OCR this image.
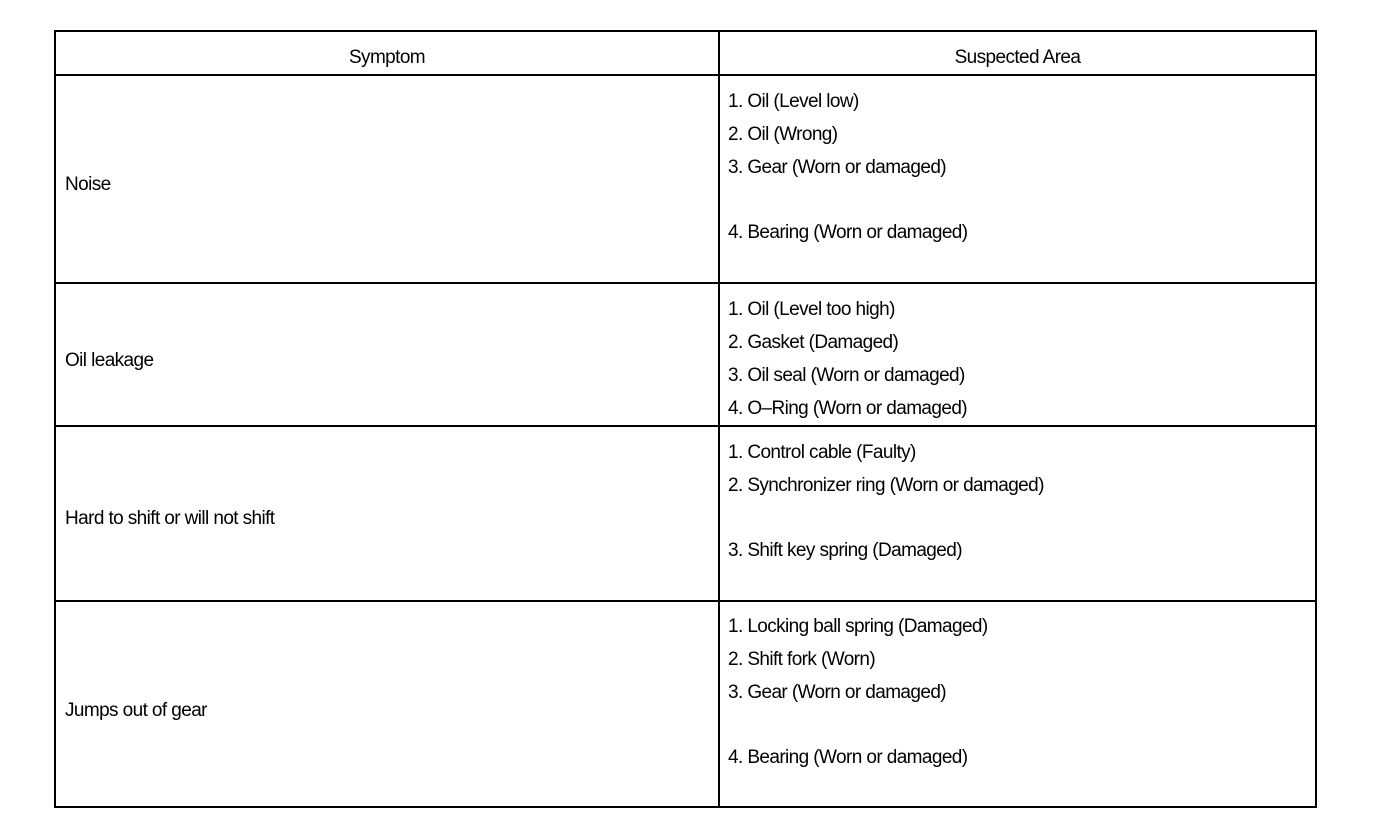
Symptom	Suspected Area
Noise
1. Oil (Level low)
2. Oil (Wrong)
3. Gear (Worn or damaged)
4. Bearing (Worn or damaged)
Oil leakage
1. Oil (Level too high)
2. Gasket (Damaged)
3. Oil seal (Worn or damaged)
4. O–Ring (Worn or damaged)
Hard to shift or will not shift
1. Control cable (Faulty)
2. Synchronizer ring (Worn or damaged)
3. Shift key spring (Damaged)
Jumps out of gear
1. Locking ball spring (Damaged)
2. Shift fork (Worn)
3. Gear (Worn or damaged)
4. Bearing (Worn or damaged)
